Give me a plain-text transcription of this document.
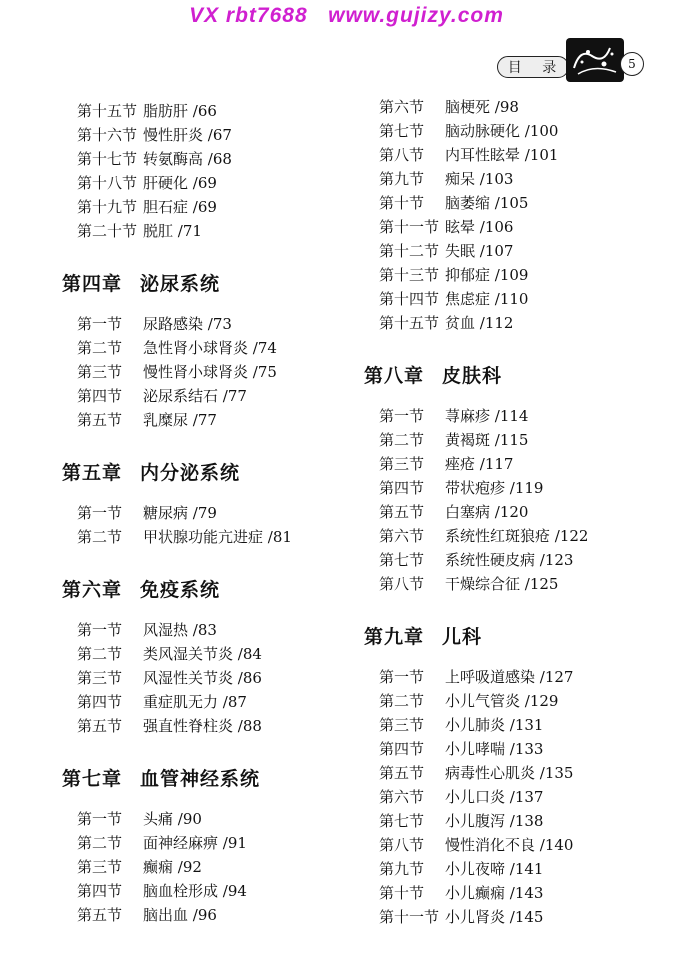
VX rbt7688   www.gujizy.com
目 录	5
第十五节 脂肪肝 /66
第十六节 慢性肝炎 /67
第十七节 转氨酶高 /68
第十八节 肝硬化 /69
第十九节 胆石症 /69
第二十节 脱肛 /71
第四章 泌尿系统
第一节 尿路感染 /73
第二节 急性肾小球肾炎 /74
第三节 慢性肾小球肾炎 /75
第四节 泌尿系结石 /77
第五节 乳糜尿 /77
第五章 内分泌系统
第一节 糖尿病 /79
第二节 甲状腺功能亢进症 /81
第六章 免疫系统
第一节 风湿热 /83
第二节 类风湿关节炎 /84
第三节 风湿性关节炎 /86
第四节 重症肌无力 /87
第五节 强直性脊柱炎 /88
第七章 血管神经系统
第一节 头痛 /90
第二节 面神经麻痹 /91
第三节 癫痫 /92
第四节 脑血栓形成 /94
第五节 脑出血 /96
第六节 脑梗死 /98
第七节 脑动脉硬化 /100
第八节 内耳性眩晕 /101
第九节 痴呆 /103
第十节 脑萎缩 /105
第十一节 眩晕 /106
第十二节 失眠 /107
第十三节 抑郁症 /109
第十四节 焦虑症 /110
第十五节 贫血 /112
第八章 皮肤科
第一节 荨麻疹 /114
第二节 黄褐斑 /115
第三节 痤疮 /117
第四节 带状疱疹 /119
第五节 白塞病 /120
第六节 系统性红斑狼疮 /122
第七节 系统性硬皮病 /123
第八节 干燥综合征 /125
第九章 儿科
第一节 上呼吸道感染 /127
第二节 小儿气管炎 /129
第三节 小儿肺炎 /131
第四节 小儿哮喘 /133
第五节 病毒性心肌炎 /135
第六节 小儿口炎 /137
第七节 小儿腹泻 /138
第八节 慢性消化不良 /140
第九节 小儿夜啼 /141
第十节 小儿癫痫 /143
第十一节 小儿肾炎 /145
